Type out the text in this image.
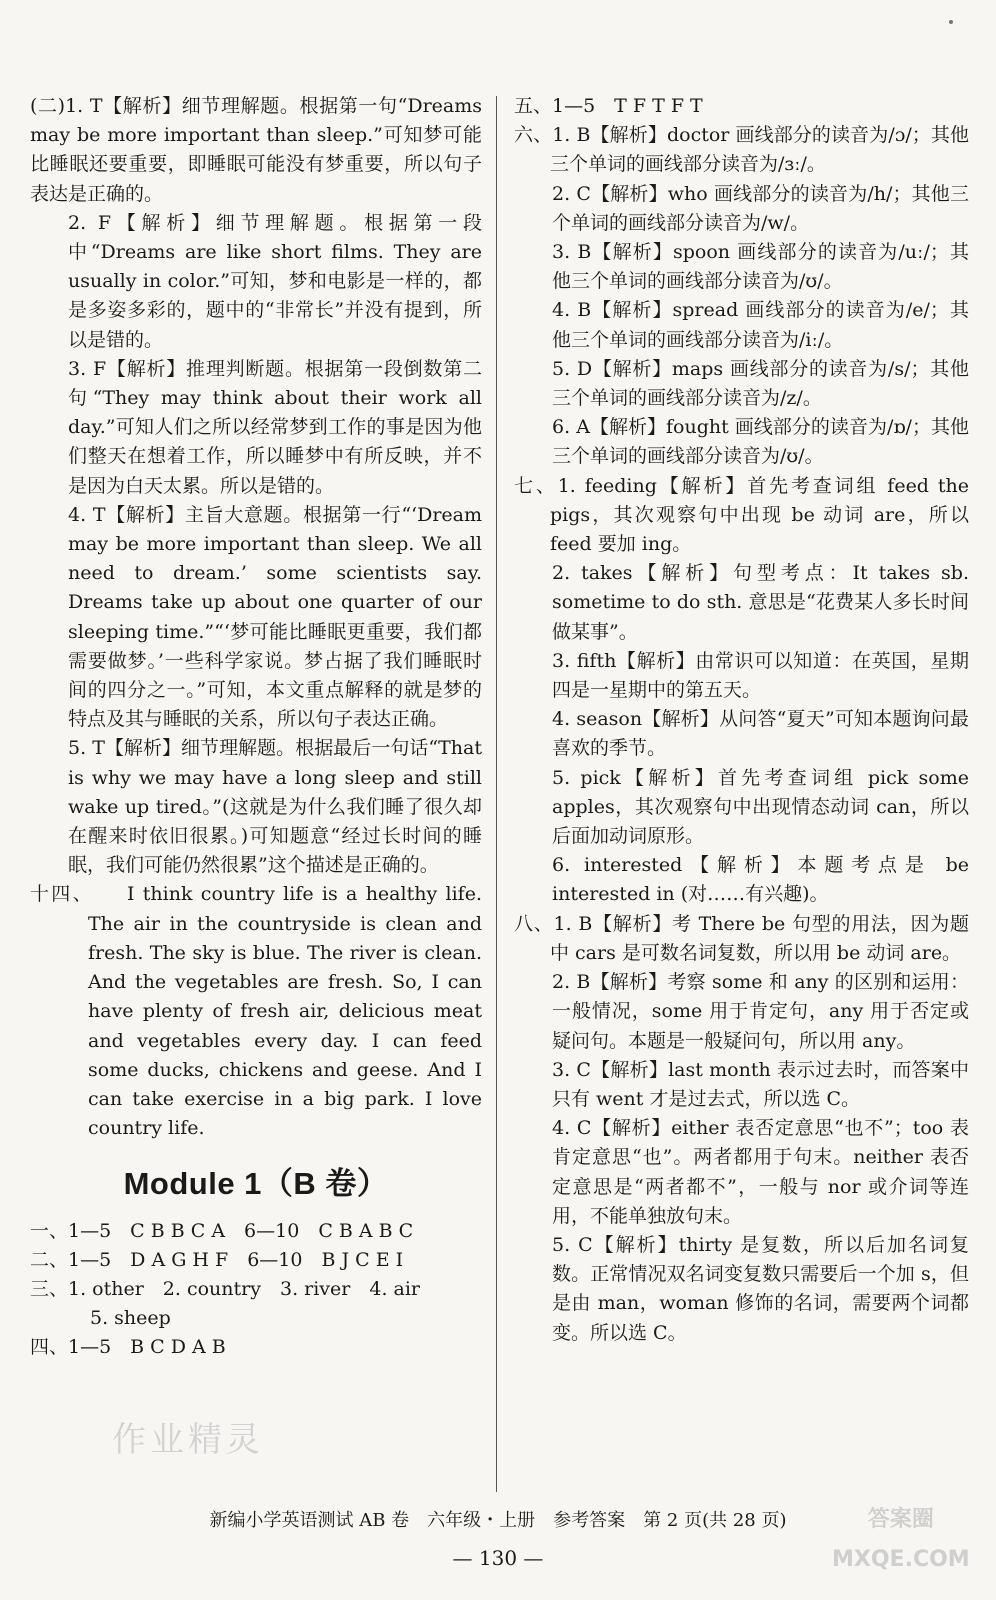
(二)1. T【解析】细节理解题。根据第一句“Dreams may be more important than sleep.”可知梦可能比睡眠还要重要，即睡眠可能没有梦重要，所以句子表达是正确的。

2. F【解析】细节理解题。根据第一段中“Dreams are like short films. They are usually in color.”可知，梦和电影是一样的，都是多姿多彩的，题中的“非常长”并没有提到，所以是错的。

3. F【解析】推理判断题。根据第一段倒数第二句“They may think about their work all day.”可知人们之所以经常梦到工作的事是因为他们整天在想着工作，所以睡梦中有所反映，并不是因为白天太累。所以是错的。

4. T【解析】主旨大意题。根据第一行“‘Dream may be more important than sleep. We all need to dream.’ some scientists say. Dreams take up about one quarter of our sleeping time.”“‘梦可能比睡眠更重要，我们都需要做梦。’一些科学家说。梦占据了我们睡眠时间的四分之一。”可知，本文重点解释的就是梦的特点及其与睡眠的关系，所以句子表达正确。

5. T【解析】细节理解题。根据最后一句话“That is why we may have a long sleep and still wake up tired。”(这就是为什么我们睡了很久却在醒来时依旧很累。)可知题意“经过长时间的睡眠，我们可能仍然很累”这个描述是正确的。

十四、　　I think country life is a healthy life. The air in the countryside is clean and fresh. The sky is blue. The river is clean. And the vegetables are fresh. So, I can have plenty of fresh air, delicious meat and vegetables every day. I can feed some ducks, chickens and geese. And I can take exercise in a big park. I love country life.

Module 1（B 卷）

一、1—5　C B B C A　6—10　C B A B C

二、1—5　D A G H F　6—10　B J C E I

三、1. other　2. country　3. river　4. air

5. sheep

四、1—5　B C D A B

五、1—5　T F T F T

六、1. B【解析】doctor 画线部分的读音为/ɔ/；其他三个单词的画线部分读音为/ɜː/。

2. C【解析】who 画线部分的读音为/h/；其他三个单词的画线部分读音为/w/。

3. B【解析】spoon 画线部分的读音为/uː/；其他三个单词的画线部分读音为/ʊ/。

4. B【解析】spread 画线部分的读音为/e/；其他三个单词的画线部分读音为/iː/。

5. D【解析】maps 画线部分的读音为/s/；其他三个单词的画线部分读音为/z/。

6. A【解析】fought 画线部分的读音为/ɒ/；其他三个单词的画线部分读音为/ʊ/。

七、1. feeding【解析】首先考查词组 feed the pigs，其次观察句中出现 be 动词 are，所以 feed 要加 ing。

2. takes【解析】句型考点：It takes sb. sometime to do sth. 意思是“花费某人多长时间做某事”。

3. fifth【解析】由常识可以知道：在英国，星期四是一星期中的第五天。

4. season【解析】从问答“夏天”可知本题询问最喜欢的季节。

5. pick【解析】首先考查词组 pick some apples，其次观察句中出现情态动词 can，所以后面加动词原形。

6. interested【解析】本题考点是 be interested in (对……有兴趣)。

八、1. B【解析】考 There be 句型的用法，因为题中 cars 是可数名词复数，所以用 be 动词 are。

2. B【解析】考察 some 和 any 的区别和运用：一般情况，some 用于肯定句，any 用于否定或疑问句。本题是一般疑问句，所以用 any。

3. C【解析】last month 表示过去时，而答案中只有 went 才是过去式，所以选 C。

4. C【解析】either 表否定意思“也不”；too 表肯定意思“也”。两者都用于句末。neither 表否定意思是“两者都不”，一般与 nor 或介词等连用，不能单独放句末。

5. C【解析】thirty 是复数，所以后加名词复数。正常情况双名词变复数只需要后一个加 s，但是由 man，woman 修饰的名词，需要两个词都变。所以选 C。

作业精灵
答案圈
MXQE.COM
新编小学英语测试 AB 卷　六年级・上册　参考答案　第 2 页(共 28 页)
— 130 —
